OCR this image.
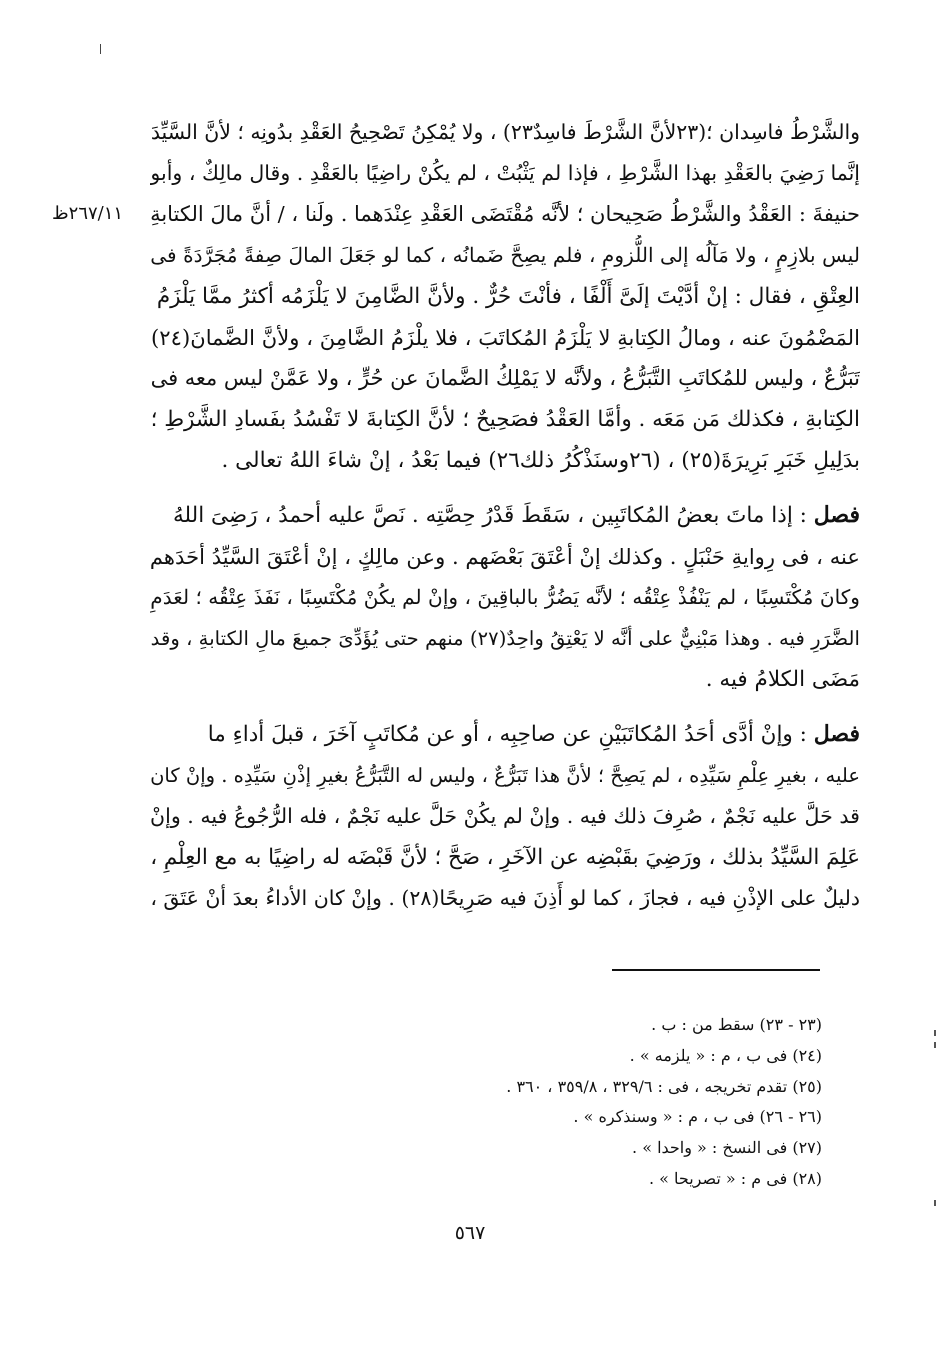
٢٦٧/١١ظ
والشَّرْطُ فاسِدان ؛(٢٣لأنَّ الشَّرْطَ فاسِدٌ٢٣) ، ولا يُمْكِنُ تَصْحِيحُ العَقْدِ بدُونِه ؛ لأنَّ السَّيِّدَ
إنَّما رَضِيَ بالعَقْدِ بهذا الشَّرْطِ ، فإذا لم يَثْبُتْ ، لم يكُنْ راضِيًا بالعَقْدِ . وقال مالِكٌ ، وأبو
حنيفةَ : العَقْدُ والشَّرْطُ صَحِيحان ؛ لأنَّه مُقْتَضَى العَقْدِ عِنْدَهما . ولَنا ، / أنَّ مالَ الكتابةِ
ليس بلازِمٍ ، ولا مَآلُه إلى اللُّزومِ ، فلم يصِحَّ ضَمانُه ، كما لو جَعَلَ المالَ صِفةً مُجَرَّدَةً فى
العِتْقِ ، فقال : إنْ أدَّيْتَ إلَىَّ أَلْفًا ، فأنْتَ حُرٌّ . ولأنَّ الضَّامِنَ لا يَلْزَمُه أكثرُ ممَّا يَلْزَمُ
المَضْمُونَ عنه ، ومالُ الكِتابةِ لا يَلْزَمُ المُكاتَبَ ، فلا يلْزَمُ الضَّامِنَ ، ولأنَّ الضَّمانَ(٢٤)
تَبَرُّعٌ ، وليس للمُكاتَبِ التَّبَرُّعُ ، ولأنَّه لا يَمْلِكُ الضَّمانَ عن حُرٍّ ، ولا عَمَّنْ ليس معه فى
الكِتابةِ ، فكذلك مَن مَعَه . وأمَّا العَقْدُ فصَحِيحٌ ؛ لأنَّ الكِتابةَ لا تَفْسُدُ بفَسادِ الشَّرْطِ ؛
بدَلِيلِ خَبَرِ بَرِيرَةَ(٢٥) ، (٢٦وسنَذْكُرُ ذلك٢٦) فيما بَعْدُ ، إنْ شاءَ اللهُ تعالى .
فصل : إذا ماتَ بعضُ المُكاتَبِين ، سَقَطَ قَدْرُ حِصَّتِه . نَصَّ عليه أحمدُ ، رَضِىَ اللهُ
عنه ، فى رِوايةِ حَنْبَلٍ . وكذلك إنْ أعْتَقَ بَعْضَهم . وعن مالِكٍ ، إنْ أعْتَقَ السَّيِّدُ أحَدَهم
وكانَ مُكْتَسِبًا ، لم يَنْفُذْ عِتْقُه ؛ لأنَّه يَضُرُّ بالباقِينَ ، وإنْ لم يكُنْ مُكْتَسِبًا ، نَفَذَ عِتْقُه ؛ لعَدَمِ
الضَّرَرِ فيه . وهذا مَبْنِيٌّ على أنَّه لا يَعْتِقُ واحِدٌ(٢٧) منهم حتى يُؤَدِّىَ جميعَ مالِ الكتابةِ ، وقد
مَضَى الكلامُ فيه .
فصل : وإنْ أدَّى أحَدُ المُكاتَبَيْنِ عن صاحِبِه ، أو عن مُكاتَبٍ آخَرَ ، قبلَ أداءِ ما
عليه ، بغيرِ عِلْمِ سَيِّدِه ، لم يَصِحَّ ؛ لأنَّ هذا تَبَرُّعٌ ، وليس له التَّبَرُّعُ بغيرِ إذْنِ سَيِّدِه . وإنْ كان
قد حَلَّ عليه نَجْمٌ ، صُرِفَ ذلك فيه . وإنْ لم يكُنْ حَلَّ عليه نَجْمٌ ، فله الرُّجُوعُ فيه . وإنْ
عَلِمَ السَّيِّدُ بذلك ، ورَضِيَ بقَبْضِه عن الآخَرِ ، صَحَّ ؛ لأنَّ قَبْضَه له راضِيًا به مع العِلْمِ ،
دليلٌ على الإذْنِ فيه ، فجازَ ، كما لو أَذِنَ فيه صَرِيحًا(٢٨) . وإنْ كان الأداءُ بعدَ أنْ عَتَقَ ،
(٢٣ - ٢٣) سقط من : ب .
(٢٤) فى ب ، م : « يلزمه » .
(٢٥) تقدم تخريجه ، فى : ٣٢٩/٦ ، ٣٥٩/٨ ، ٣٦٠ .
(٢٦ - ٢٦) فى ب ، م : « وسنذكره » .
(٢٧) فى النسخ : « واحدا » .
(٢٨) فى م : « تصريحا » .
٥٦٧
